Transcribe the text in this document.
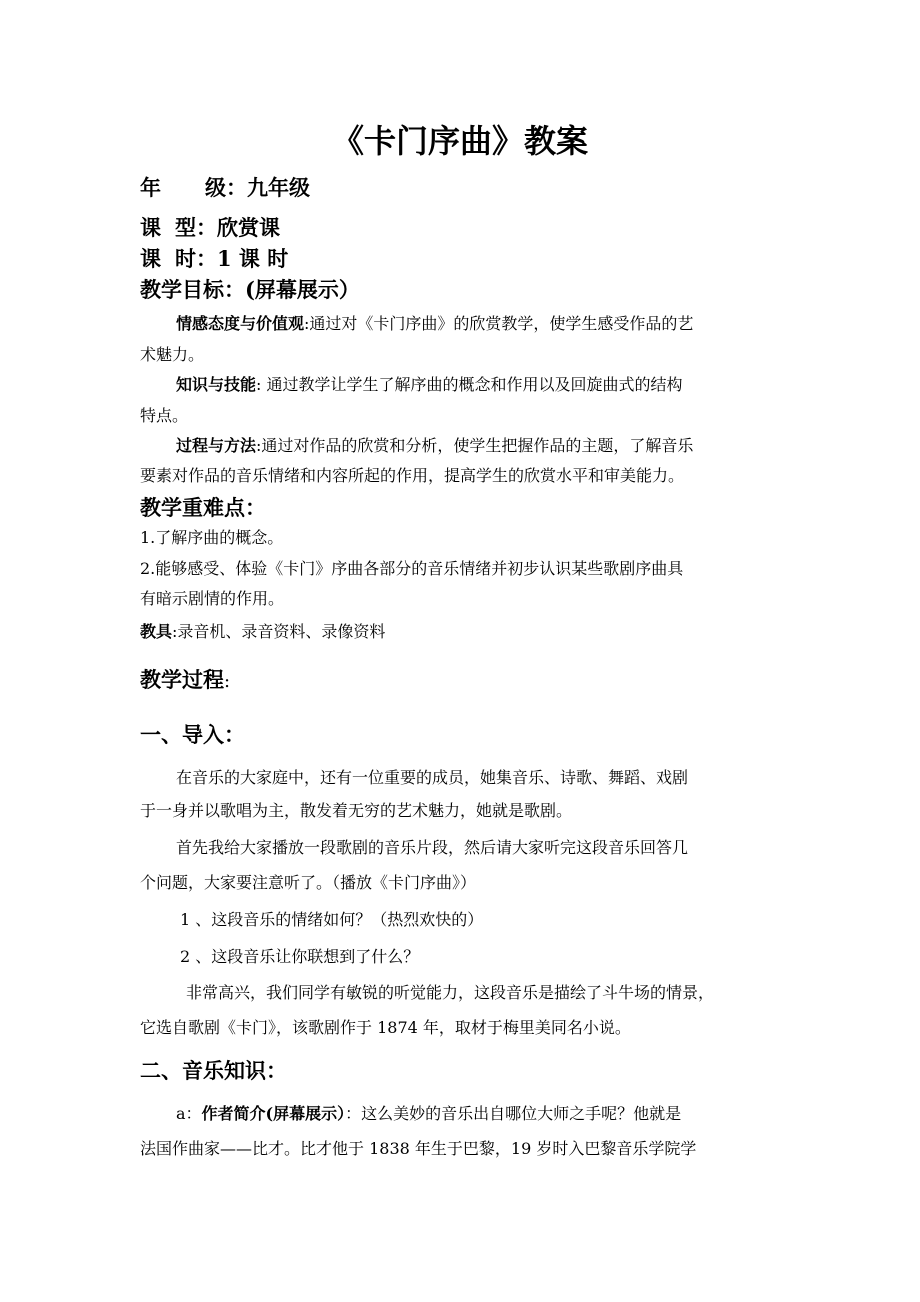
《卡门序曲》教案
年 级：九年级
课 型：欣赏课
课 时：1 课 时
教学目标：(屏幕展示）
情感态度与价值观:通过对《卡门序曲》的欣赏教学，使学生感受作品的艺
术魅力。
知识与技能: 通过教学让学生了解序曲的概念和作用以及回旋曲式的结构
特点。
过程与方法:通过对作品的欣赏和分析，使学生把握作品的主题，了解音乐
要素对作品的音乐情绪和内容所起的作用，提高学生的欣赏水平和审美能力。
教学重难点：
1.了解序曲的概念。
2.能够感受、体验《卡门》序曲各部分的音乐情绪并初步认识某些歌剧序曲具
有暗示剧情的作用。
教具:录音机、录音资料、录像资料
教学过程:
一、导入：
在音乐的大家庭中，还有一位重要的成员，她集音乐、诗歌、舞蹈、戏剧
于一身并以歌唱为主，散发着无穷的艺术魅力，她就是歌剧。
首先我给大家播放一段歌剧的音乐片段，然后请大家听完这段音乐回答几
个问题，大家要注意听了。（播放《卡门序曲》）
1 、这段音乐的情绪如何？（热烈欢快的）
2 、这段音乐让你联想到了什么？
非常高兴，我们同学有敏锐的听觉能力，这段音乐是描绘了斗牛场的情景，
它选自歌剧《卡门》，该歌剧作于 1874 年，取材于梅里美同名小说。
二、音乐知识：
a：作者简介(屏幕展示）：这么美妙的音乐出自哪位大师之手呢？他就是
法国作曲家——比才。比才他于 1838 年生于巴黎，19 岁时入巴黎音乐学院学
